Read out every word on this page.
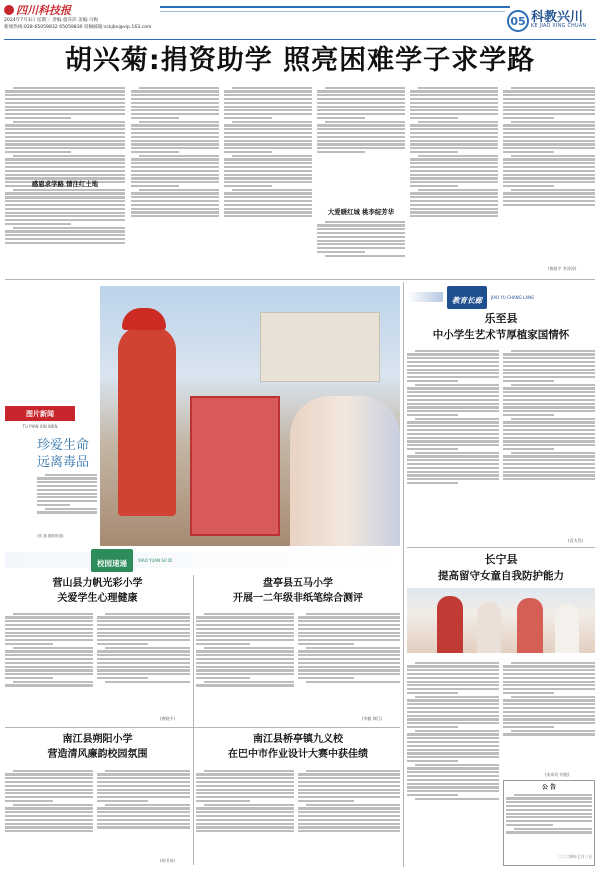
四川科技报
2024年7月3日 星期三 责编:童莎莎 美编:马梅
新闻热线:028-65059832 65059830 投稿邮箱:sckjbx@vip.163.com	05 科教兴川
KE JIAO XING CHUAN
胡兴菊:捐资助学 照亮困难学子求学路
感恩求学路 情注红土地
大爱暖红城 桃李绽芳华
(唐媛平 李涛涛)
图片新闻
TU PIAN XIN WEN
珍爱生命
远离毒品
(张 燕 摄影报道)
教育长廊	JIAO YU CHANG LANG
乐至县
中小学生艺术节厚植家国情怀
(袁太烈)
长宁县
提高留守女童自我防护能力
(宋成均 何锐)
公 告
二〇二四年七月三日
校园速递	XIAO YUAN SU DI
营山县力帆光彩小学
关爱学生心理健康
(唐晓平)
盘亭县五马小学
开展一二年级非纸笔综合测评
(李毅 陶江)
南江县朔阳小学
营造清风廉韵校园氛围
(胡书英)
南江县桥亭镇九义校
在巴中市作业设计大赛中获佳绩
